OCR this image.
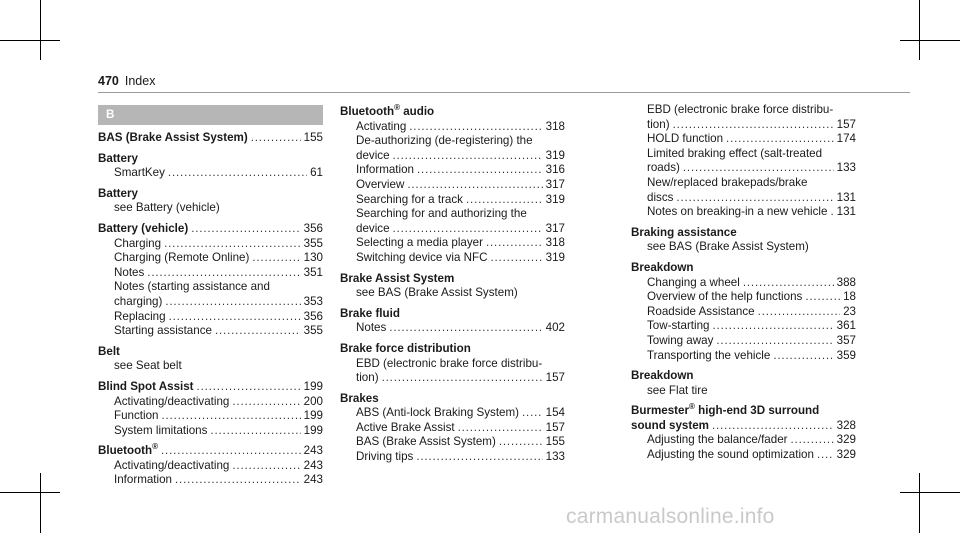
470 Index
B
BAS (Brake Assist System) . . .	155
Battery
SmartKey . . .	61
Battery
see Battery (vehicle)
Battery (vehicle) . . .	356
Charging . . .	355
Charging (Remote Online) . . .	130
Notes . . .	351
Notes (starting assistance and
charging) . . .	353
Replacing . . .	356
Starting assistance . . .	355
Belt
see Seat belt
Blind Spot Assist . . .	199
Activating/deactivating . . .	200
Function . . .	199
System limitations . . .	199
Bluetooth® . . .	243
Activating/deactivating . . .	243
Information . . .	243
Bluetooth® audio
Activating . . .	318
De-authorizing (de-registering) the
device . . .	319
Information . . .	316
Overview . . .	317
Searching for a track . . .	319
Searching for and authorizing the
device . . .	317
Selecting a media player . . .	318
Switching device via NFC . . .	319
Brake Assist System
see BAS (Brake Assist System)
Brake fluid
Notes . . .	402
Brake force distribution
EBD (electronic brake force distribu-
tion) . . .	157
Brakes
ABS (Anti-lock Braking System) . . . 154
Active Brake Assist . . .	157
BAS (Brake Assist System) . . .	155
Driving tips . . .	133
EBD (electronic brake force distribu-
tion) . . .	157
HOLD function . . .	174
Limited braking effect (salt-treated
roads) . . .	133
New/replaced brakepads/brake
discs . . .	131
Notes on breaking-in a new vehicle . . . 131
Braking assistance
see BAS (Brake Assist System)
Breakdown
Changing a wheel . . .	388
Overview of the help functions . . .	18
Roadside Assistance . . .	23
Tow-starting . . .	361
Towing away . . .	357
Transporting the vehicle . . .	359
Breakdown
see Flat tire
Burmester® high-end 3D surround
sound system . . .	328
Adjusting the balance/fader . . .	329
Adjusting the sound optimization . . . 329
carmanualsonline.info
